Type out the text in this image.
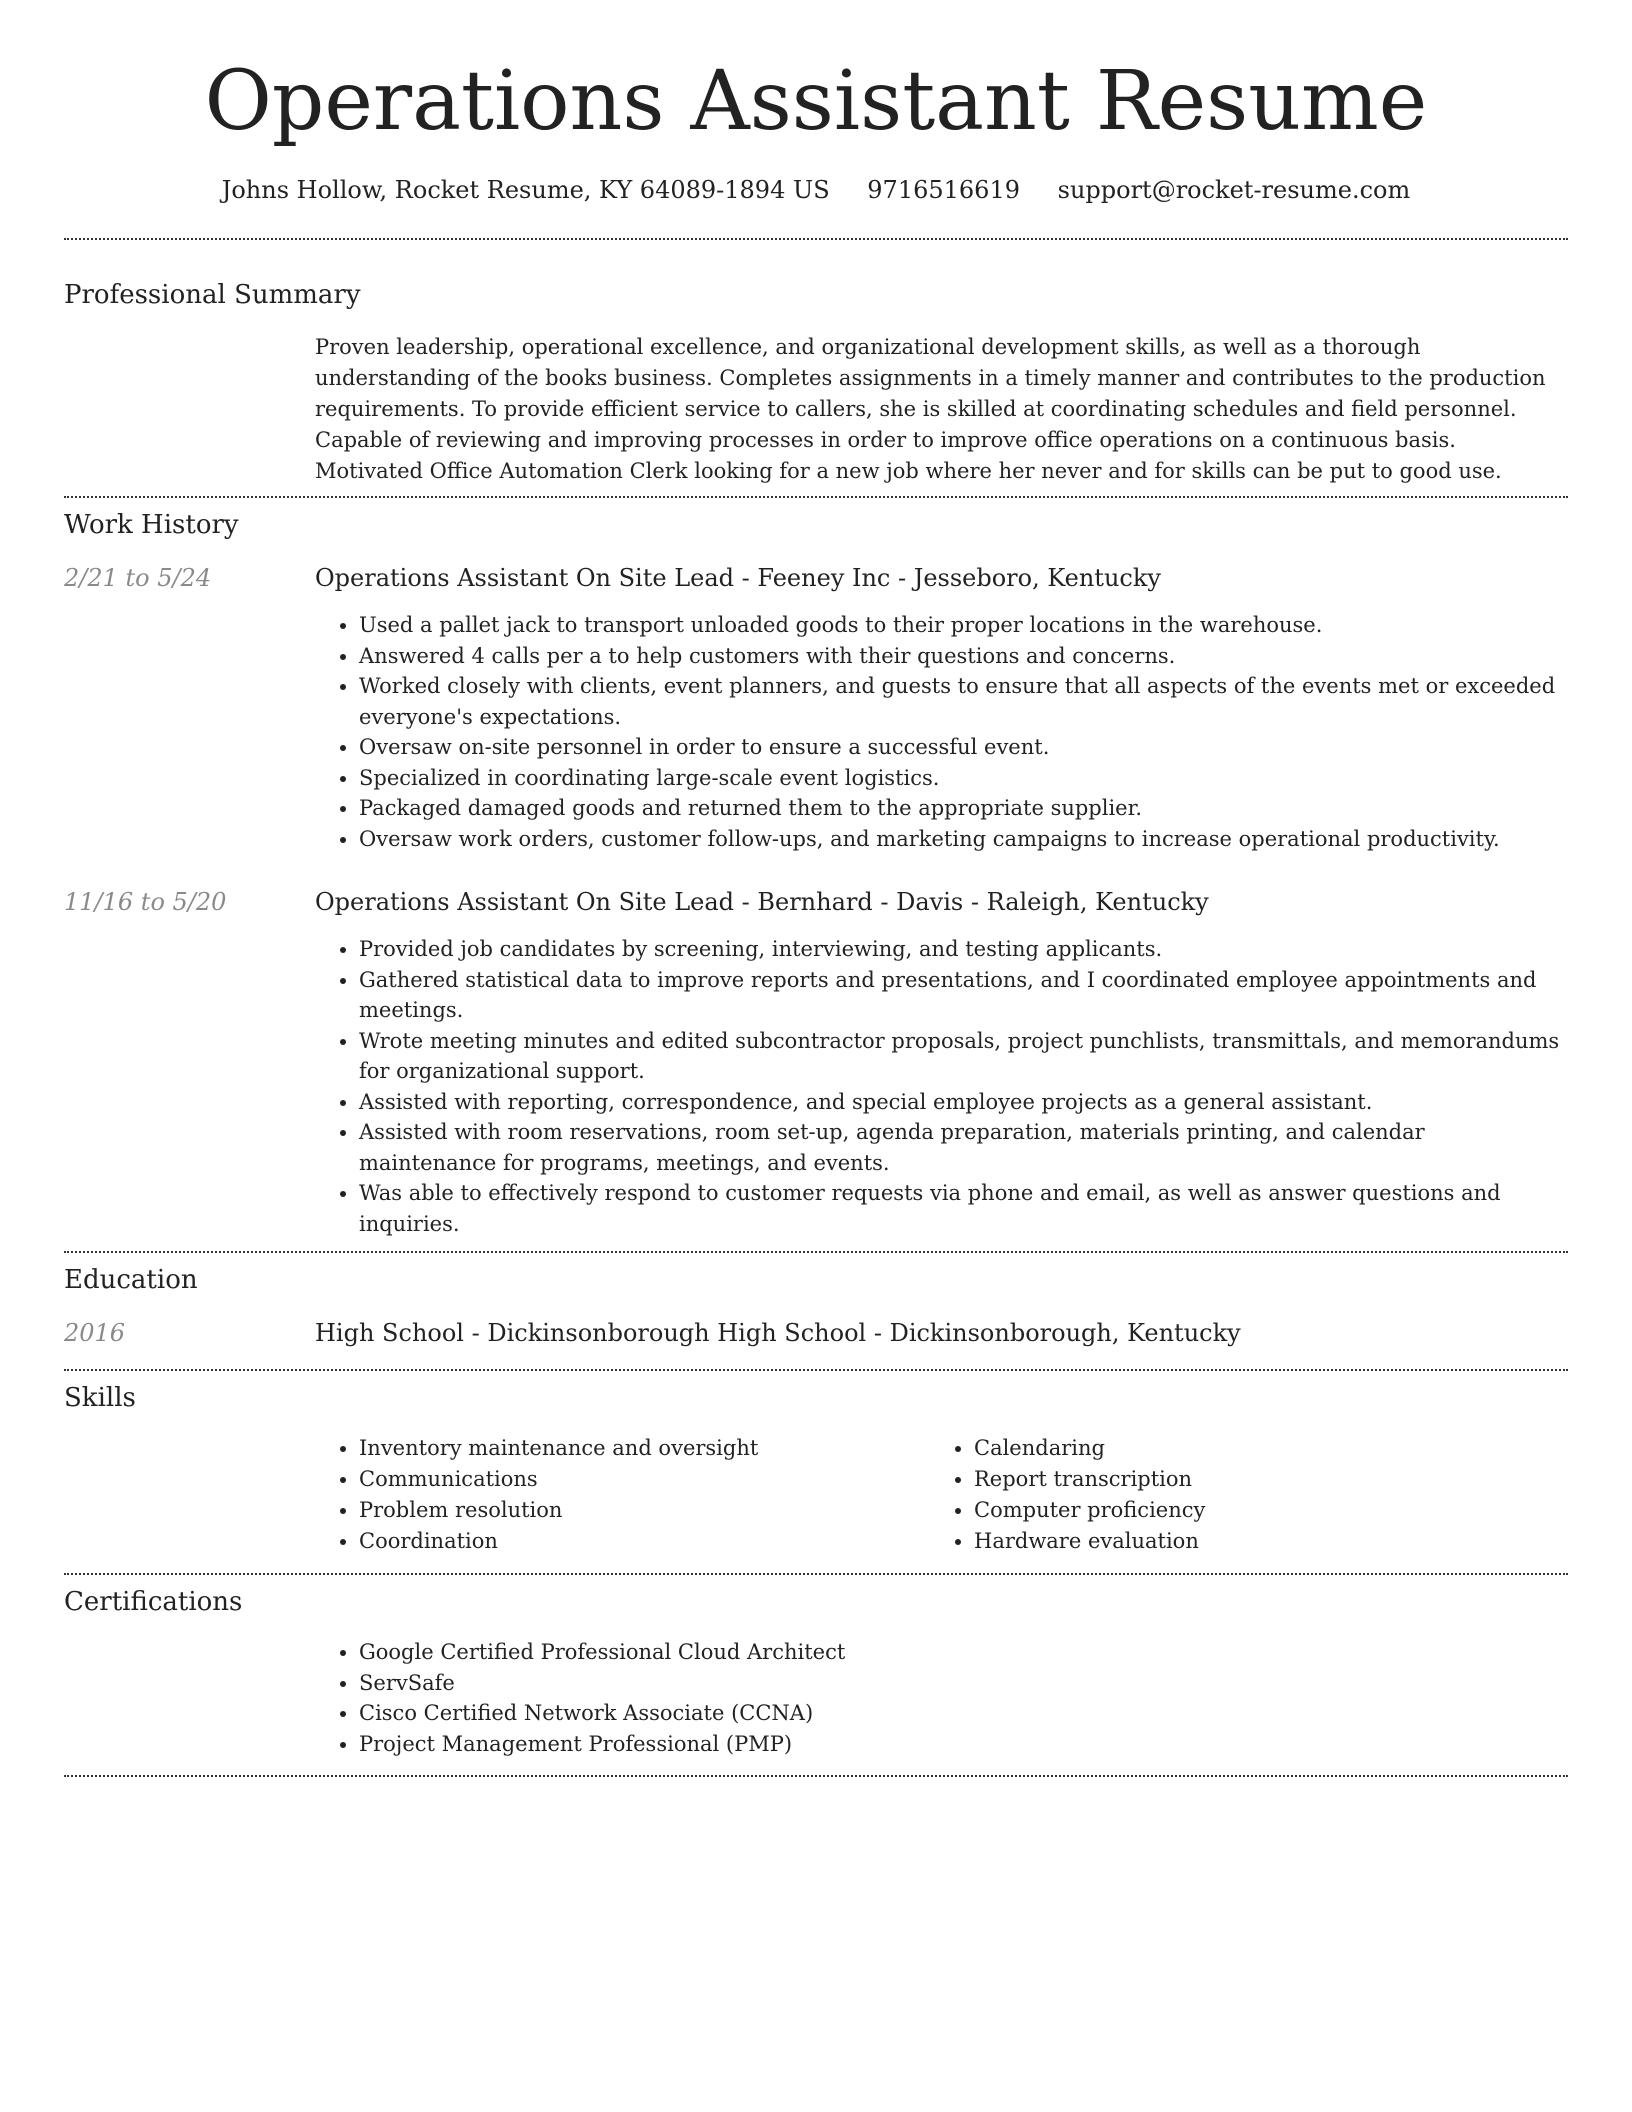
Operations Assistant Resume
Johns Hollow, Rocket Resume, KY 64089-1894 US 9716516619 support@rocket-resume.com
Professional Summary

Proven leadership, operational excellence, and organizational development skills, as well as a thorough understanding of the books business. Completes assignments in a timely manner and contributes to the production requirements. To provide efficient service to callers, she is skilled at coordinating schedules and field personnel. Capable of reviewing and improving processes in order to improve office operations on a continuous basis. Motivated Office Automation Clerk looking for a new job where her never and for skills can be put to good use.

Work History
2/21 to 5/24	Operations Assistant On Site Lead - Feeney Inc - Jesseboro, Kentucky
• Used a pallet jack to transport unloaded goods to their proper locations in the warehouse.
• Answered 4 calls per a to help customers with their questions and concerns.
• Worked closely with clients, event planners, and guests to ensure that all aspects of the events met or exceeded everyone's expectations.
• Oversaw on-site personnel in order to ensure a successful event.
• Specialized in coordinating large-scale event logistics.
• Packaged damaged goods and returned them to the appropriate supplier.
• Oversaw work orders, customer follow-ups, and marketing campaigns to increase operational productivity.
11/16 to 5/20	Operations Assistant On Site Lead - Bernhard - Davis - Raleigh, Kentucky
• Provided job candidates by screening, interviewing, and testing applicants.
• Gathered statistical data to improve reports and presentations, and I coordinated employee appointments and meetings.
• Wrote meeting minutes and edited subcontractor proposals, project punchlists, transmittals, and memorandums for organizational support.
• Assisted with reporting, correspondence, and special employee projects as a general assistant.
• Assisted with room reservations, room set-up, agenda preparation, materials printing, and calendar maintenance for programs, meetings, and events.
• Was able to effectively respond to customer requests via phone and email, as well as answer questions and inquiries.
Education
2016	High School - Dickinsonborough High School - Dickinsonborough, Kentucky
Skills
• Inventory maintenance and oversight
• Communications
• Problem resolution
• Coordination
• Calendaring
• Report transcription
• Computer proficiency
• Hardware evaluation
Certifications
• Google Certified Professional Cloud Architect
• ServSafe
• Cisco Certified Network Associate (CCNA)
• Project Management Professional (PMP)
